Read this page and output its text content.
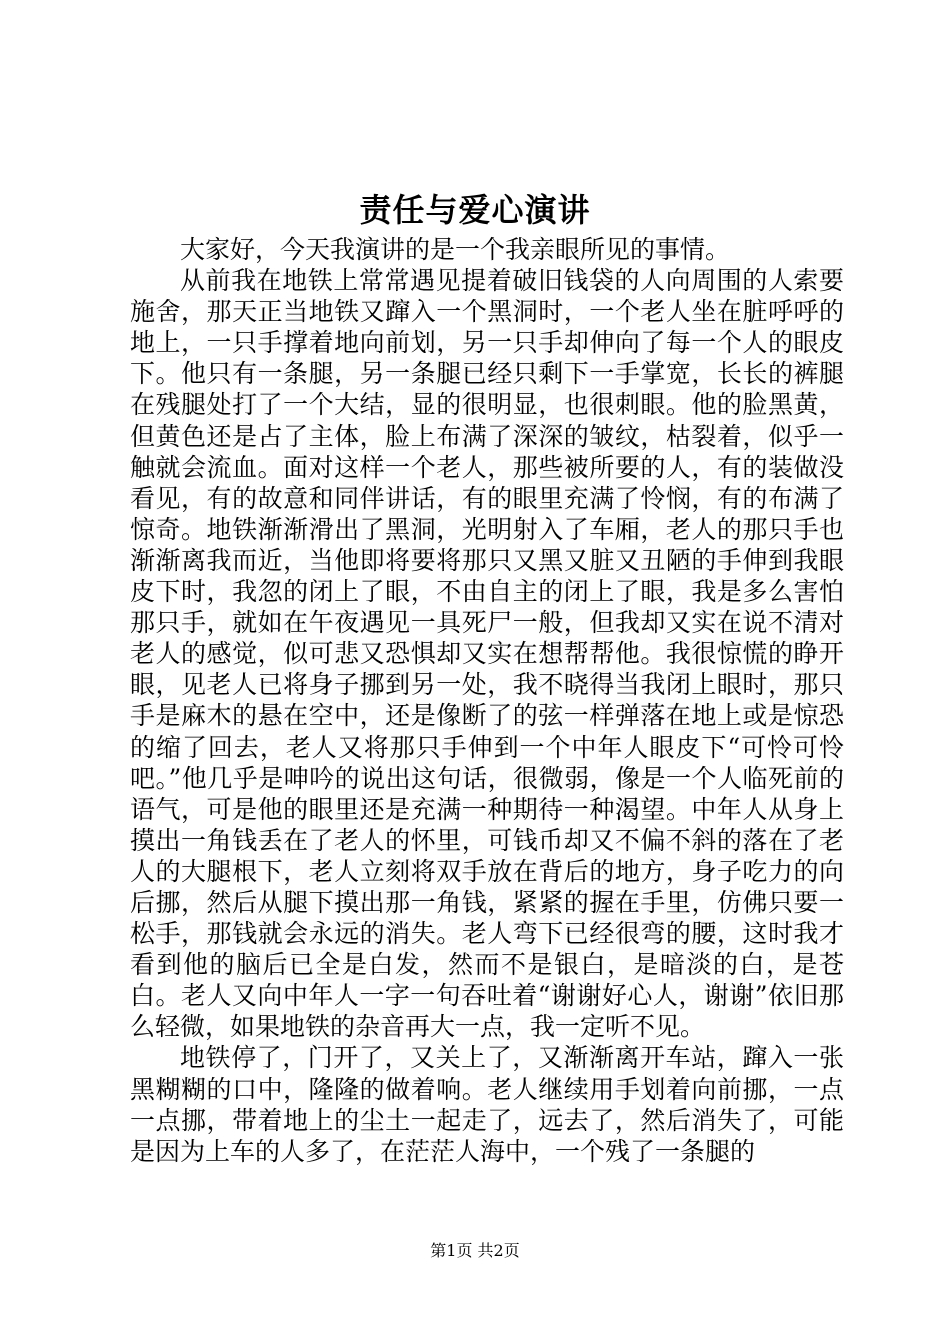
责任与爱心演讲

大家好，今天我演讲的是一个我亲眼所见的事情。

从前我在地铁上常常遇见提着破旧钱袋的人向周围的人索要施舍，那天正当地铁又蹿入一个黑洞时，一个老人坐在脏呼呼的地上，一只手撑着地向前划，另一只手却伸向了每一个人的眼皮下。他只有一条腿，另一条腿已经只剩下一手掌宽，长长的裤腿在残腿处打了一个大结，显的很明显，也很刺眼。他的脸黑黄，但黄色还是占了主体，脸上布满了深深的皱纹，枯裂着，似乎一触就会流血。面对这样一个老人，那些被所要的人，有的装做没看见，有的故意和同伴讲话，有的眼里充满了怜悯，有的布满了惊奇。地铁渐渐滑出了黑洞，光明射入了车厢，老人的那只手也渐渐离我而近，当他即将要将那只又黑又脏又丑陋的手伸到我眼皮下时，我忽的闭上了眼，不由自主的闭上了眼，我是多么害怕那只手，就如在午夜遇见一具死尸一般，但我却又实在说不清对老人的感觉，似可悲又恐惧却又实在想帮帮他。我很惊慌的睁开眼，见老人已将身子挪到另一处，我不晓得当我闭上眼时，那只手是麻木的悬在空中，还是像断了的弦一样弹落在地上或是惊恐的缩了回去，老人又将那只手伸到一个中年人眼皮下“可怜可怜吧。”他几乎是呻吟的说出这句话，很微弱，像是一个人临死前的语气，可是他的眼里还是充满一种期待一种渴望。中年人从身上摸出一角钱丢在了老人的怀里，可钱币却又不偏不斜的落在了老人的大腿根下，老人立刻将双手放在背后的地方，身子吃力的向后挪，然后从腿下摸出那一角钱，紧紧的握在手里，仿佛只要一松手，那钱就会永远的消失。老人弯下已经很弯的腰，这时我才看到他的脑后已全是白发，然而不是银白，是暗淡的白，是苍白。老人又向中年人一字一句吞吐着“谢谢好心人，谢谢”依旧那么轻微，如果地铁的杂音再大一点，我一定听不见。

地铁停了，门开了，又关上了，又渐渐离开车站，蹿入一张黑糊糊的口中，隆隆的做着响。老人继续用手划着向前挪，一点一点挪，带着地上的尘土一起走了，远去了，然后消失了，可能是因为上车的人多了，在茫茫人海中，一个残了一条腿的

第1页 共2页
